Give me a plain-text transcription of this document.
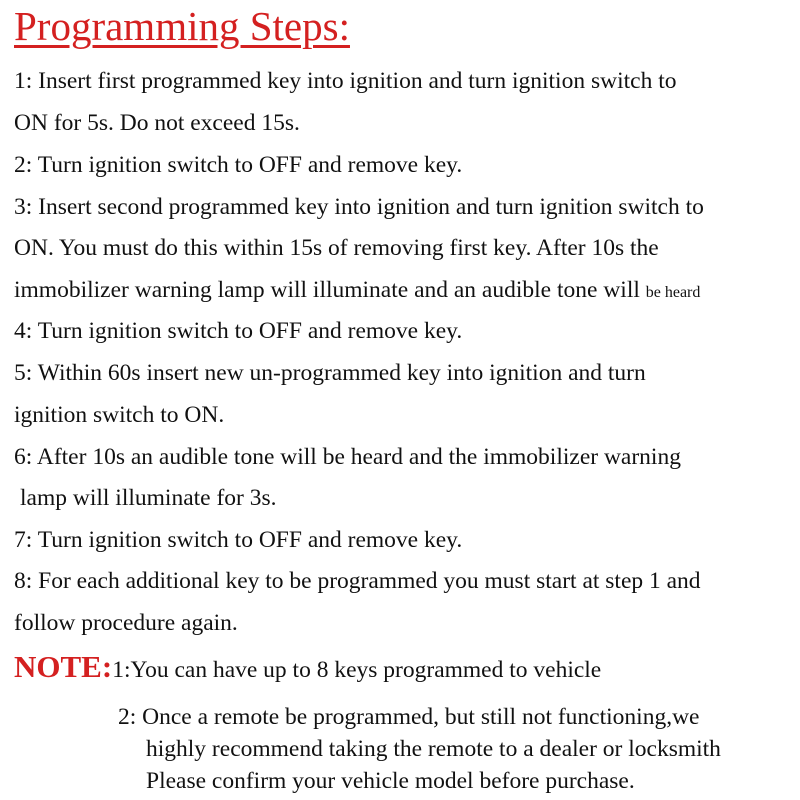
Programming Steps:
1: Insert first programmed key into ignition and turn ignition switch to
ON for 5s. Do not exceed 15s.
2: Turn ignition switch to OFF and remove key.
3: Insert second programmed key into ignition and turn ignition switch to
ON. You must do this within 15s of removing first key. After 10s the
immobilizer warning lamp will illuminate and an audible tone will be heard
4: Turn ignition switch to OFF and remove key.
5: Within 60s insert new un-programmed key into ignition and turn
ignition switch to ON.
6: After 10s an audible tone will be heard and the immobilizer warning
lamp will illuminate for 3s.
7: Turn ignition switch to OFF and remove key.
8: For each additional key to be programmed you must start at step 1 and
follow procedure again.
NOTE:1:You can have up to 8 keys programmed to vehicle
2: Once a remote be programmed, but still not functioning,we
highly recommend taking the remote to a dealer or locksmith
Please confirm your vehicle model before purchase.
